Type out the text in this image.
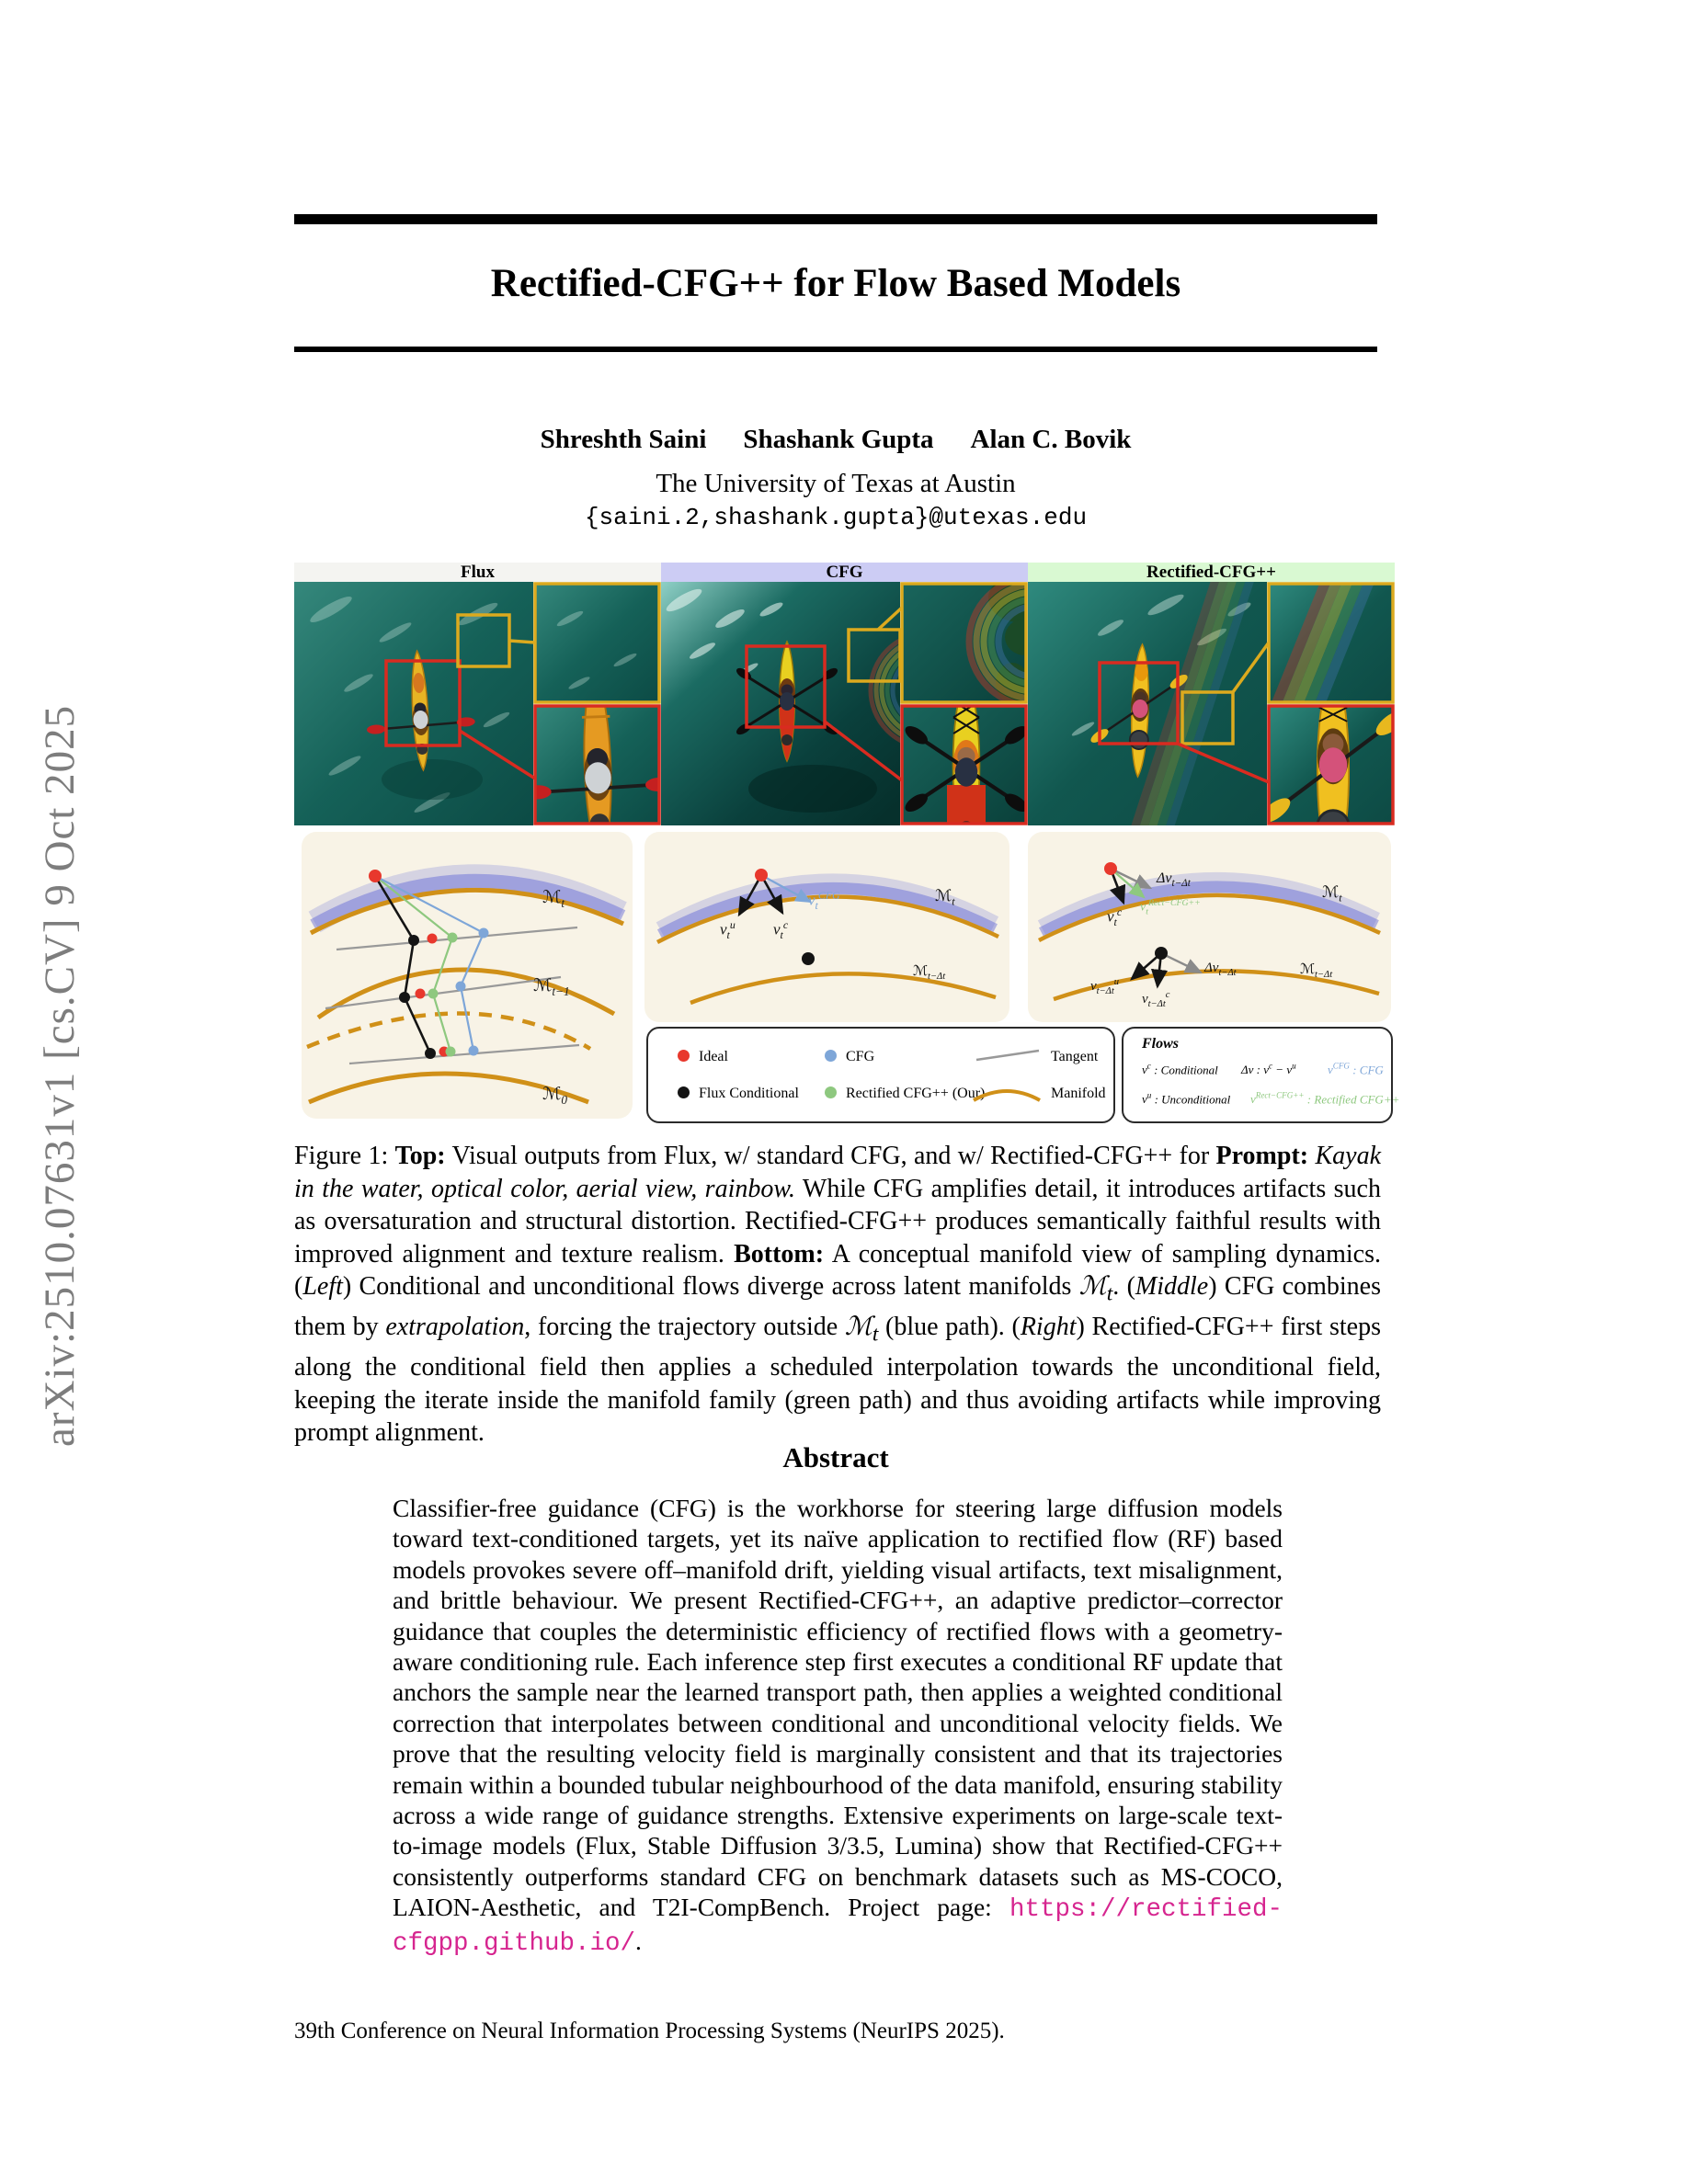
arXiv:2510.07631v1 [cs.CV] 9 Oct 2025
Rectified-CFG++ for Flow Based Models
Shreshth Saini Shashank Gupta Alan C. Bovik
The University of Texas at Austin
{saini.2,shashank.gupta}@utexas.edu
Flux	CFG	Rectified-CFG++
ℳ$_t$
ℳ$_{t-1}$
ℳ$_0$
$\nu_t^u$ $\nu_t^c$
$\nu_t^{CFG}$	ℳ$_t$
ℳ$_{t-\Delta t}$
$\Delta\nu_{t-\Delta t}$
$\nu_t^c$ $\nu_t^{Rect-CFG++}$
$\nu_{t-\Delta t}^u$
$\nu_{t-\Delta t}^c$
$\Delta\nu_{t-\Delta t}$
ℳ$_t$
ℳ$_{t-\Delta t}$
Ideal	CFG
Flux Conditional	Rectified CFG++ (Our)
Tangent
Manifold
Flows
$\nu^c$ : Conditional Δν : $\nu^c - \nu^u$	$\nu^{CFG}$ : CFG
$\nu^u$ : Unconditional $\nu^{Rect-CFG++}$ : Rectified CFG++

Figure 1: Top: Visual outputs from Flux, w/ standard CFG, and w/ Rectified-CFG++ for Prompt: Kayak in the water, optical color, aerial view, rainbow. While CFG amplifies detail, it introduces artifacts such as oversaturation and structural distortion. Rectified-CFG++ produces semantically faithful results with improved alignment and texture realism. Bottom: A conceptual manifold view of sampling dynamics. (Left) Conditional and unconditional flows diverge across latent manifolds ℳ$_t$. (Middle) CFG combines them by extrapolation, forcing the trajectory outside ℳ$_t$ (blue path). (Right) Rectified-CFG++ first steps along the conditional field then applies a scheduled interpolation towards the unconditional field, keeping the iterate inside the manifold family (green path) and thus avoiding artifacts while improving prompt alignment.

Abstract

Classifier-free guidance (CFG) is the workhorse for steering large diffusion models toward text-conditioned targets, yet its naïve application to rectified flow (RF) based models provokes severe off–manifold drift, yielding visual artifacts, text misalignment, and brittle behaviour. We present Rectified-CFG++, an adaptive predictor–corrector guidance that couples the deterministic efficiency of rectified flows with a geometry-aware conditioning rule. Each inference step first executes a conditional RF update that anchors the sample near the learned transport path, then applies a weighted conditional correction that interpolates between conditional and unconditional velocity fields. We prove that the resulting velocity field is marginally consistent and that its trajectories remain within a bounded tubular neighbourhood of the data manifold, ensuring stability across a wide range of guidance strengths. Extensive experiments on large-scale text-to-image models (Flux, Stable Diffusion 3/3.5, Lumina) show that Rectified-CFG++ consistently outperforms standard CFG on benchmark datasets such as MS-COCO, LAION-Aesthetic, and T2I-CompBench. Project page: https://rectified-cfgpp.github.io/.

39th Conference on Neural Information Processing Systems (NeurIPS 2025).
